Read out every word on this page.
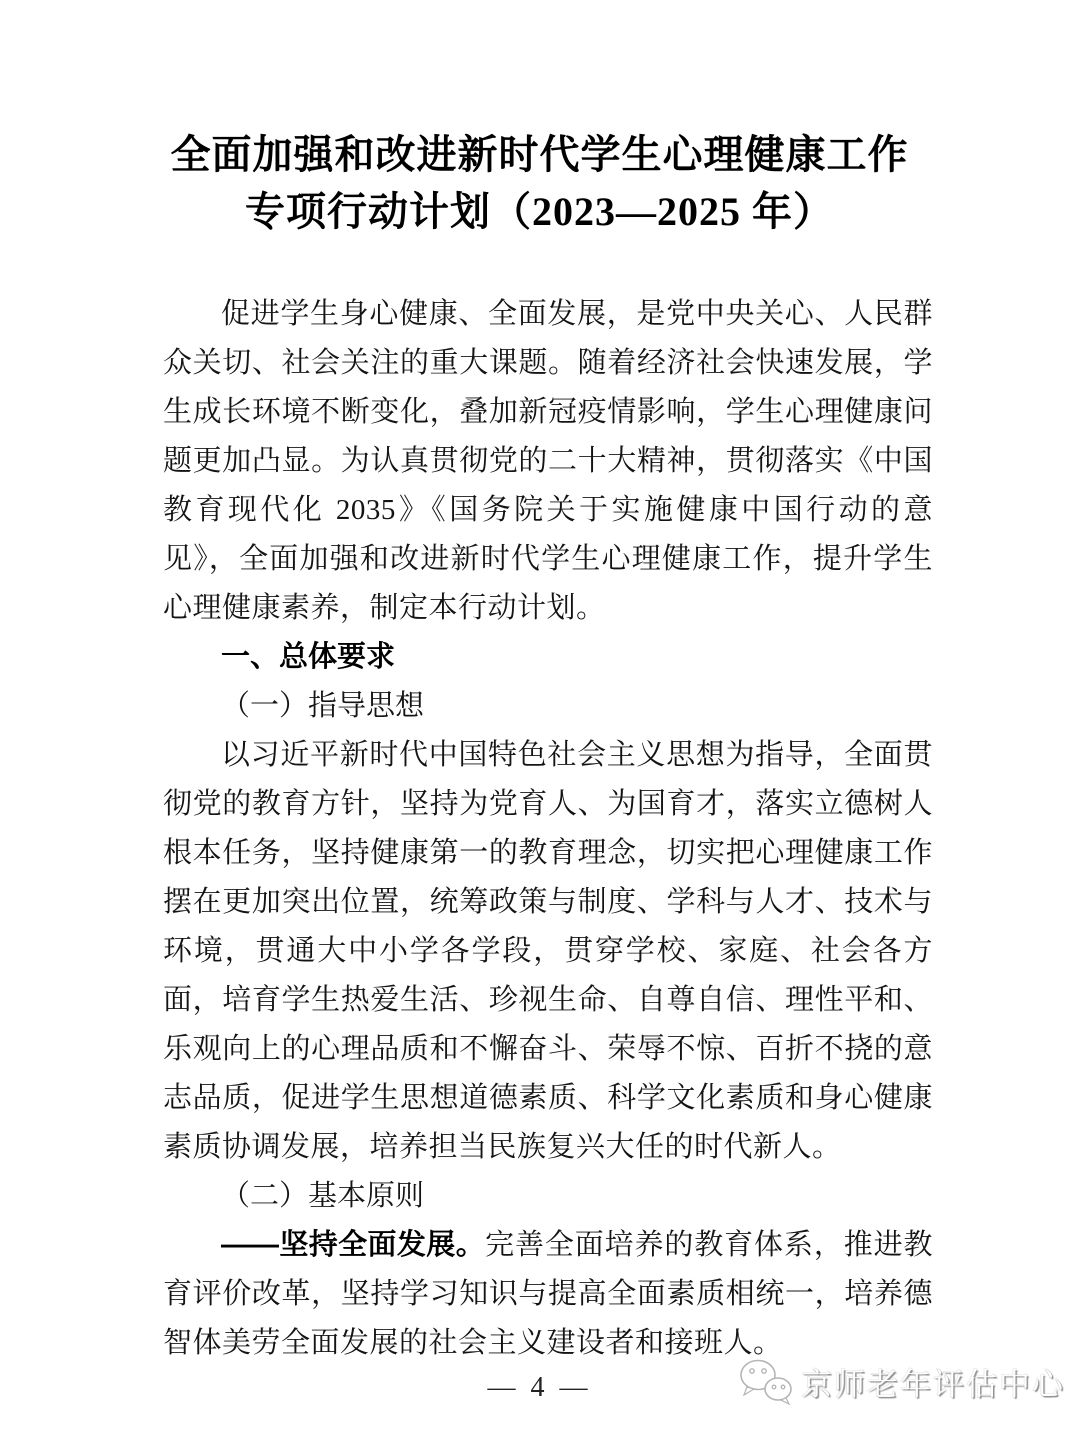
全面加强和改进新时代学生心理健康工作
专项行动计划（2023—2025 年）

促进学生身心健康、全面发展，是党中央关心、人民群众关切、社会关注的重大课题。随着经济社会快速发展，学生成长环境不断变化，叠加新冠疫情影响，学生心理健康问题更加凸显。为认真贯彻党的二十大精神，贯彻落实《中国教育现代化 2035》《国务院关于实施健康中国行动的意见》，全面加强和改进新时代学生心理健康工作，提升学生心理健康素养，制定本行动计划。

一、总体要求
（一）指导思想

以习近平新时代中国特色社会主义思想为指导，全面贯彻党的教育方针，坚持为党育人、为国育才，落实立德树人根本任务，坚持健康第一的教育理念，切实把心理健康工作摆在更加突出位置，统筹政策与制度、学科与人才、技术与环境，贯通大中小学各学段，贯穿学校、家庭、社会各方面，培育学生热爱生活、珍视生命、自尊自信、理性平和、乐观向上的心理品质和不懈奋斗、荣辱不惊、百折不挠的意志品质，促进学生思想道德素质、科学文化素质和身心健康素质协调发展，培养担当民族复兴大任的时代新人。

（二）基本原则

——坚持全面发展。完善全面培养的教育体系，推进教育评价改革，坚持学习知识与提高全面素质相统一，培养德智体美劳全面发展的社会主义建设者和接班人。

— 4 —	京师老年评估中心
